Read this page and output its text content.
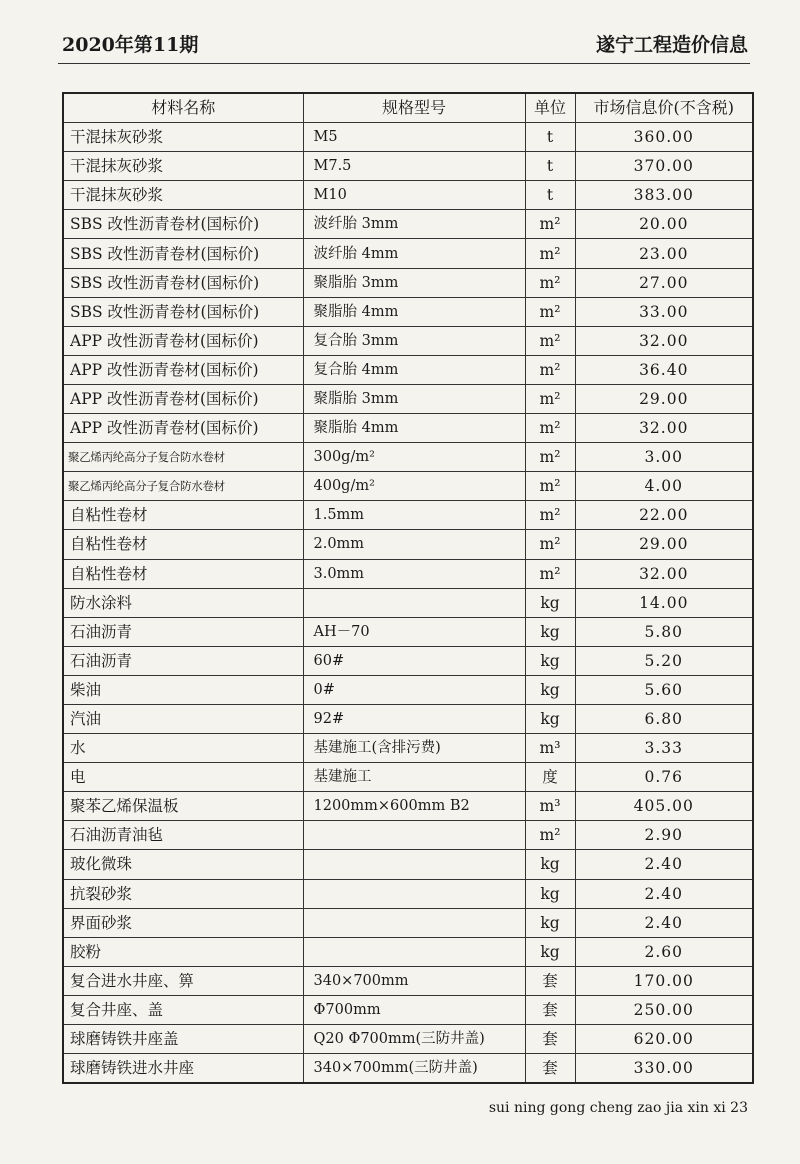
2020年第11期	遂宁工程造价信息
材料名称	规格型号	单位	市场信息价(不含税)
干混抹灰砂浆	M5	t	360.00
干混抹灰砂浆	M7.5	t	370.00
干混抹灰砂浆	M10	t	383.00
SBS 改性沥青卷材(国标价)	波纤胎 3mm	m²	20.00
SBS 改性沥青卷材(国标价)	波纤胎 4mm	m²	23.00
SBS 改性沥青卷材(国标价)	聚脂胎 3mm	m²	27.00
SBS 改性沥青卷材(国标价)	聚脂胎 4mm	m²	33.00
APP 改性沥青卷材(国标价)	复合胎 3mm	m²	32.00
APP 改性沥青卷材(国标价)	复合胎 4mm	m²	36.40
APP 改性沥青卷材(国标价)	聚脂胎 3mm	m²	29.00
APP 改性沥青卷材(国标价)	聚脂胎 4mm	m²	32.00
聚乙烯丙纶高分子复合防水卷材	300g/m²	m²	3.00
聚乙烯丙纶高分子复合防水卷材	400g/m²	m²	4.00
自粘性卷材	1.5mm	m²	22.00
自粘性卷材	2.0mm	m²	29.00
自粘性卷材	3.0mm	m²	32.00
防水涂料		kg	14.00
石油沥青	AH－70	kg	5.80
石油沥青	60#	kg	5.20
柴油	0#	kg	5.60
汽油	92#	kg	6.80
水	基建施工(含排污费)	m³	3.33
电	基建施工	度	0.76
聚苯乙烯保温板	1200mm×600mm B2	m³	405.00
石油沥青油毡		m²	2.90
玻化微珠		kg	2.40
抗裂砂浆		kg	2.40
界面砂浆		kg	2.40
胶粉		kg	2.60
复合进水井座、箅	340×700mm	套	170.00
复合井座、盖	Φ700mm	套	250.00
球磨铸铁井座盖	Q20 Φ700mm(三防井盖)	套	620.00
球磨铸铁进水井座	340×700mm(三防井盖)	套	330.00
sui ning gong cheng zao jia xin xi 23
